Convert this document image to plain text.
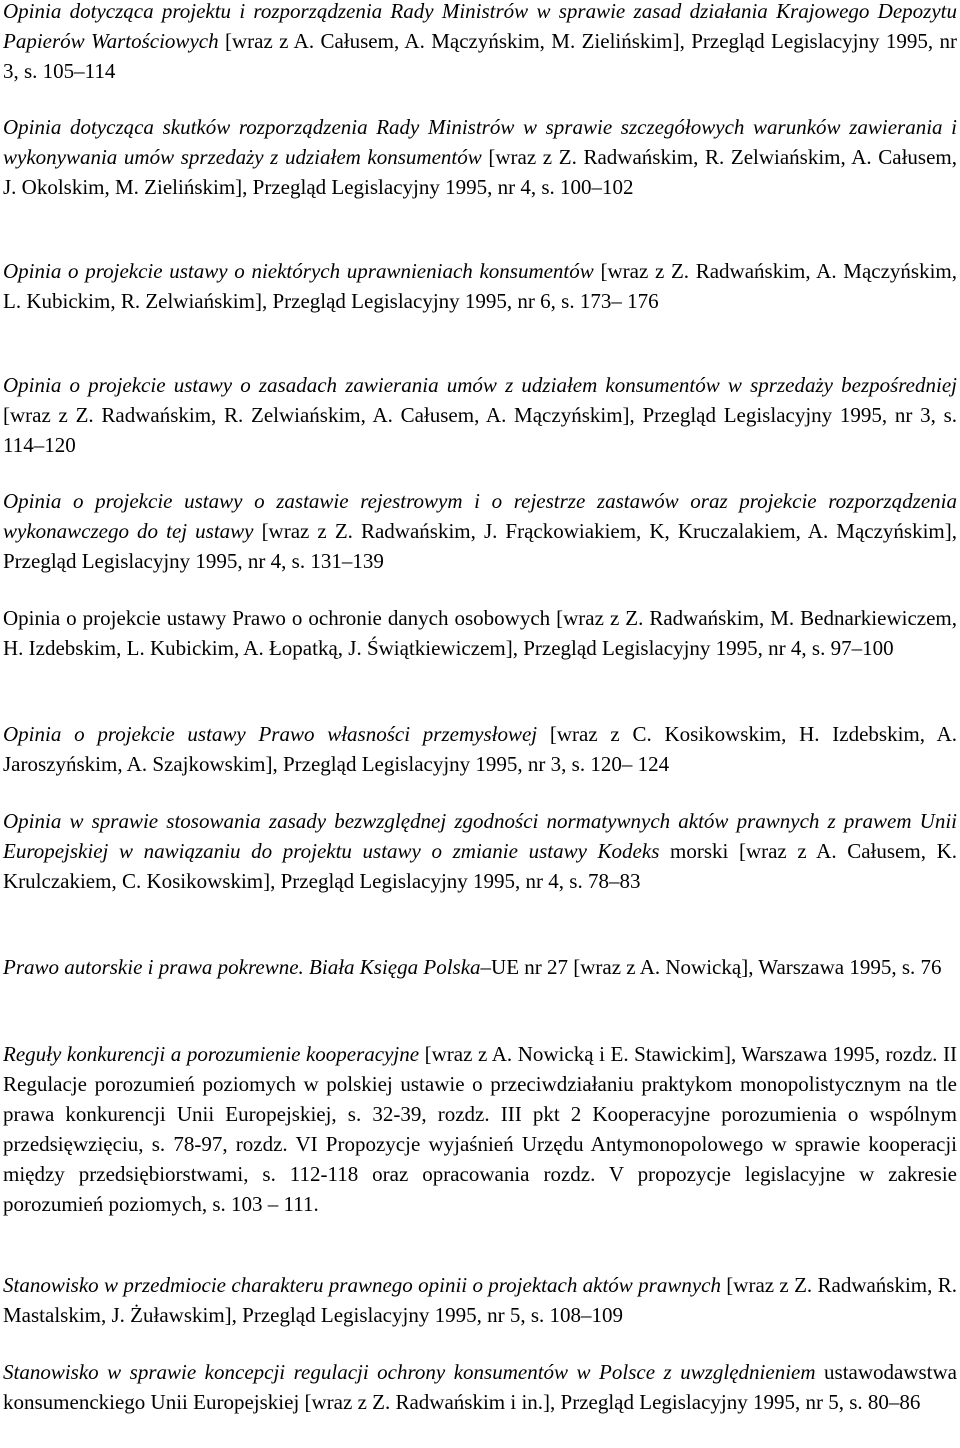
Opinia dotycząca projektu i rozporządzenia Rady Ministrów w sprawie zasad działania Krajowego Depozytu Papierów Wartościowych [wraz z A. Całusem, A. Mączyńskim, M. Zielińskim], Przegląd Legislacyjny 1995, nr 3, s. 105–114

Opinia dotycząca skutków rozporządzenia Rady Ministrów w sprawie szczegółowych warunków zawierania i wykonywania umów sprzedaży z udziałem konsumentów [wraz z Z. Radwańskim, R. Zelwiańskim, A. Całusem, J. Okolskim, M. Zielińskim], Przegląd Legislacyjny 1995, nr 4, s. 100–102

Opinia o projekcie ustawy o niektórych uprawnieniach konsumentów [wraz z Z. Radwańskim, A. Mączyńskim, L. Kubickim, R. Zelwiańskim], Przegląd Legislacyjny 1995, nr 6, s. 173– 176

Opinia o projekcie ustawy o zasadach zawierania umów z udziałem konsumentów w sprzedaży bezpośredniej [wraz z Z. Radwańskim, R. Zelwiańskim, A. Całusem, A. Mączyńskim], Przegląd Legislacyjny 1995, nr 3, s. 114–120

Opinia o projekcie ustawy o zastawie rejestrowym i o rejestrze zastawów oraz projekcie rozporządzenia wykonawczego do tej ustawy [wraz z Z. Radwańskim, J. Frąckowiakiem, K, Kruczalakiem, A. Mączyńskim], Przegląd Legislacyjny 1995, nr 4, s. 131–139

Opinia o projekcie ustawy Prawo o ochronie danych osobowych [wraz z Z. Radwańskim, M. Bednarkiewiczem, H. Izdebskim, L. Kubickim, A. Łopatką, J. Świątkiewiczem], Przegląd Legislacyjny 1995, nr 4, s. 97–100

Opinia o projekcie ustawy Prawo własności przemysłowej [wraz z C. Kosikowskim, H. Izdebskim, A. Jaroszyńskim, A. Szajkowskim], Przegląd Legislacyjny 1995, nr 3, s. 120– 124

Opinia w sprawie stosowania zasady bezwzględnej zgodności normatywnych aktów prawnych z prawem Unii Europejskiej w nawiązaniu do projektu ustawy o zmianie ustawy Kodeks morski [wraz z A. Całusem, K. Krulczakiem, C. Kosikowskim], Przegląd Legislacyjny 1995, nr 4, s. 78–83

Prawo autorskie i prawa pokrewne. Biała Księga Polska–UE nr 27 [wraz z A. Nowicką], Warszawa 1995, s. 76

Reguły konkurencji a porozumienie kooperacyjne [wraz z A. Nowicką i E. Stawickim], Warszawa 1995, rozdz. II Regulacje porozumień poziomych w polskiej ustawie o przeciwdziałaniu praktykom monopolistycznym na tle prawa konkurencji Unii Europejskiej, s. 32-39, rozdz. III pkt 2 Kooperacyjne porozumienia o wspólnym przedsięwzięciu, s. 78-97, rozdz. VI Propozycje wyjaśnień Urzędu Antymonopolowego w sprawie kooperacji między przedsiębiorstwami, s. 112-118 oraz opracowania rozdz. V propozycje legislacyjne w zakresie porozumień poziomych, s. 103 – 111.

Stanowisko w przedmiocie charakteru prawnego opinii o projektach aktów prawnych [wraz z Z. Radwańskim, R. Mastalskim, J. Żuławskim], Przegląd Legislacyjny 1995, nr 5, s. 108–109

Stanowisko w sprawie koncepcji regulacji ochrony konsumentów w Polsce z uwzględnieniem ustawodawstwa konsumenckiego Unii Europejskiej [wraz z Z. Radwańskim i in.], Przegląd Legislacyjny 1995, nr 5, s. 80–86
